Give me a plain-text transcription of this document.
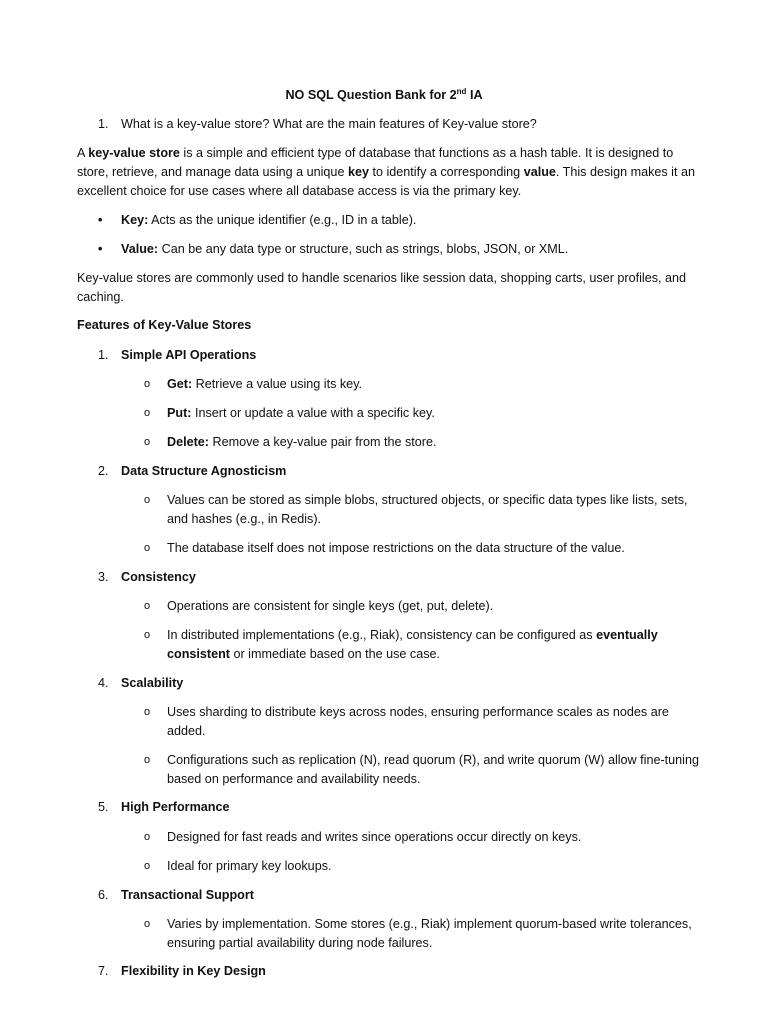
NO SQL Question Bank for 2nd IA
1. What is a key-value store? What are the main features of Key-value store?
A key-value store is a simple and efficient type of database that functions as a hash table. It is designed to store, retrieve, and manage data using a unique key to identify a corresponding value. This design makes it an excellent choice for use cases where all database access is via the primary key.
• Key: Acts as the unique identifier (e.g., ID in a table).
• Value: Can be any data type or structure, such as strings, blobs, JSON, or XML.
Key-value stores are commonly used to handle scenarios like session data, shopping carts, user profiles, and caching.
Features of Key-Value Stores
1. Simple API Operations
o Get: Retrieve a value using its key.
o Put: Insert or update a value with a specific key.
o Delete: Remove a key-value pair from the store.
2. Data Structure Agnosticism
o Values can be stored as simple blobs, structured objects, or specific data types like lists, sets, and hashes (e.g., in Redis).
o The database itself does not impose restrictions on the data structure of the value.
3. Consistency
o Operations are consistent for single keys (get, put, delete).
o In distributed implementations (e.g., Riak), consistency can be configured as eventually consistent or immediate based on the use case.
4. Scalability
o Uses sharding to distribute keys across nodes, ensuring performance scales as nodes are added.
o Configurations such as replication (N), read quorum (R), and write quorum (W) allow fine-tuning based on performance and availability needs.
5. High Performance
o Designed for fast reads and writes since operations occur directly on keys.
o Ideal for primary key lookups.
6. Transactional Support
o Varies by implementation. Some stores (e.g., Riak) implement quorum-based write tolerances, ensuring partial availability during node failures.
7. Flexibility in Key Design
